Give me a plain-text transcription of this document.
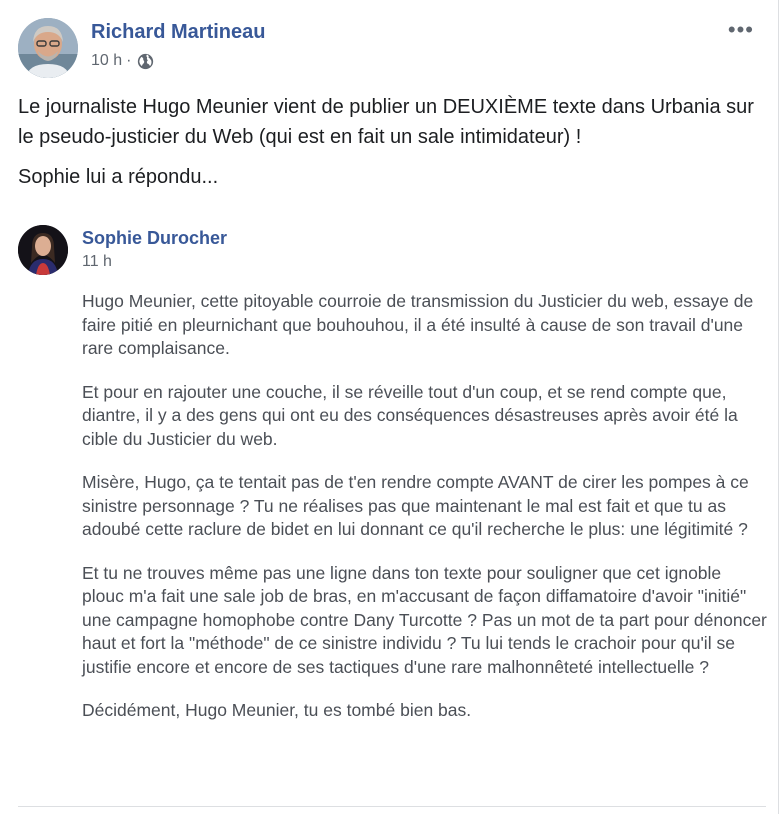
Richard Martineau
10 h ·
•••

Le journaliste Hugo Meunier vient de publier un DEUXIÈME texte dans Urbania sur le pseudo-justicier du Web (qui est en fait un sale intimidateur) !

Sophie lui a répondu...

Sophie Durocher
11 h

Hugo Meunier, cette pitoyable courroie de transmission du Justicier du web, essaye de faire pitié en pleurnichant que bouhouhou, il a été insulté à cause de son travail d'une rare complaisance.

Et pour en rajouter une couche, il se réveille tout d'un coup, et se rend compte que, diantre, il y a des gens qui ont eu des conséquences désastreuses après avoir été la cible du Justicier du web.

Misère, Hugo, ça te tentait pas de t'en rendre compte AVANT de cirer les pompes à ce sinistre personnage ? Tu ne réalises pas que maintenant le mal est fait et que tu as adoubé cette raclure de bidet en lui donnant ce qu'il recherche le plus: une légitimité ?

Et tu ne trouves même pas une ligne dans ton texte pour souligner que cet ignoble plouc m'a fait une sale job de bras, en m'accusant de façon diffamatoire d'avoir "initié" une campagne homophobe contre Dany Turcotte ? Pas un mot de ta part pour dénoncer haut et fort la "méthode" de ce sinistre individu ? Tu lui tends le crachoir pour qu'il se justifie encore et encore de ses tactiques d'une rare malhonnêteté intellectuelle ?

Décidément, Hugo Meunier, tu es tombé bien bas.
